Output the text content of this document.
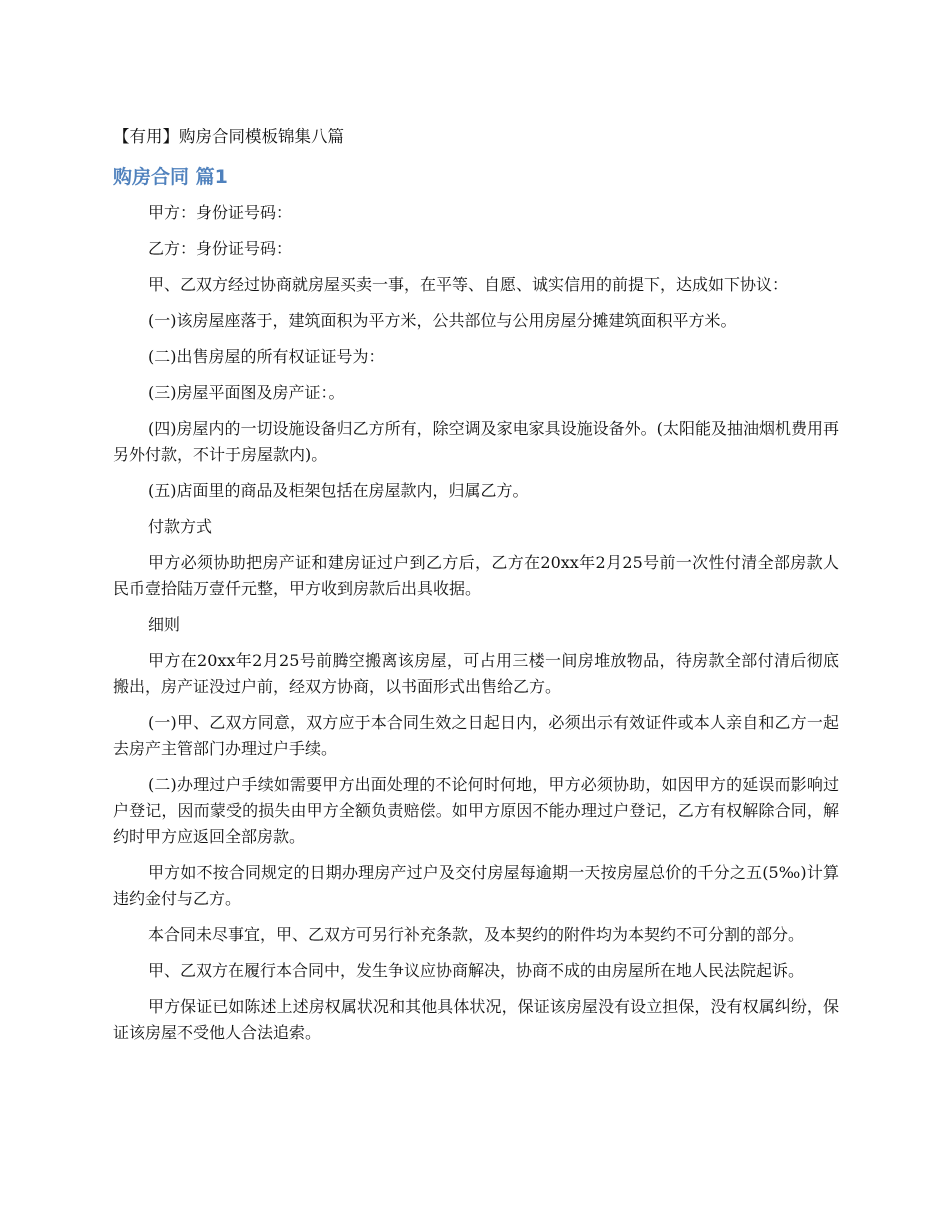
【有用】购房合同模板锦集八篇

购房合同 篇1

甲方：身份证号码：

乙方：身份证号码：

甲、乙双方经过协商就房屋买卖一事，在平等、自愿、诚实信用的前提下，达成如下协议：

(一)该房屋座落于，建筑面积为平方米，公共部位与公用房屋分摊建筑面积平方米。

(二)出售房屋的所有权证证号为：

(三)房屋平面图及房产证：。

(四)房屋内的一切设施设备归乙方所有，除空调及家电家具设施设备外。(太阳能及抽油烟机费用再另外付款，不计于房屋款内)。

(五)店面里的商品及柜架包括在房屋款内，归属乙方。

付款方式

甲方必须协助把房产证和建房证过户到乙方后，乙方在20xx年2月25号前一次性付清全部房款人民币壹拾陆万壹仟元整，甲方收到房款后出具收据。

细则

甲方在20xx年2月25号前腾空搬离该房屋，可占用三楼一间房堆放物品，待房款全部付清后彻底搬出，房产证没过户前，经双方协商，以书面形式出售给乙方。

(一)甲、乙双方同意，双方应于本合同生效之日起日内，必须出示有效证件或本人亲自和乙方一起去房产主管部门办理过户手续。

(二)办理过户手续如需要甲方出面处理的不论何时何地，甲方必须协助，如因甲方的延误而影响过户登记，因而蒙受的损失由甲方全额负责赔偿。如甲方原因不能办理过户登记，乙方有权解除合同，解约时甲方应返回全部房款。

甲方如不按合同规定的日期办理房产过户及交付房屋每逾期一天按房屋总价的千分之五(5‰)计算违约金付与乙方。

本合同未尽事宜，甲、乙双方可另行补充条款，及本契约的附件均为本契约不可分割的部分。

甲、乙双方在履行本合同中，发生争议应协商解决，协商不成的由房屋所在地人民法院起诉。

甲方保证已如陈述上述房权属状况和其他具体状况，保证该房屋没有设立担保，没有权属纠纷，保证该房屋不受他人合法追索。
